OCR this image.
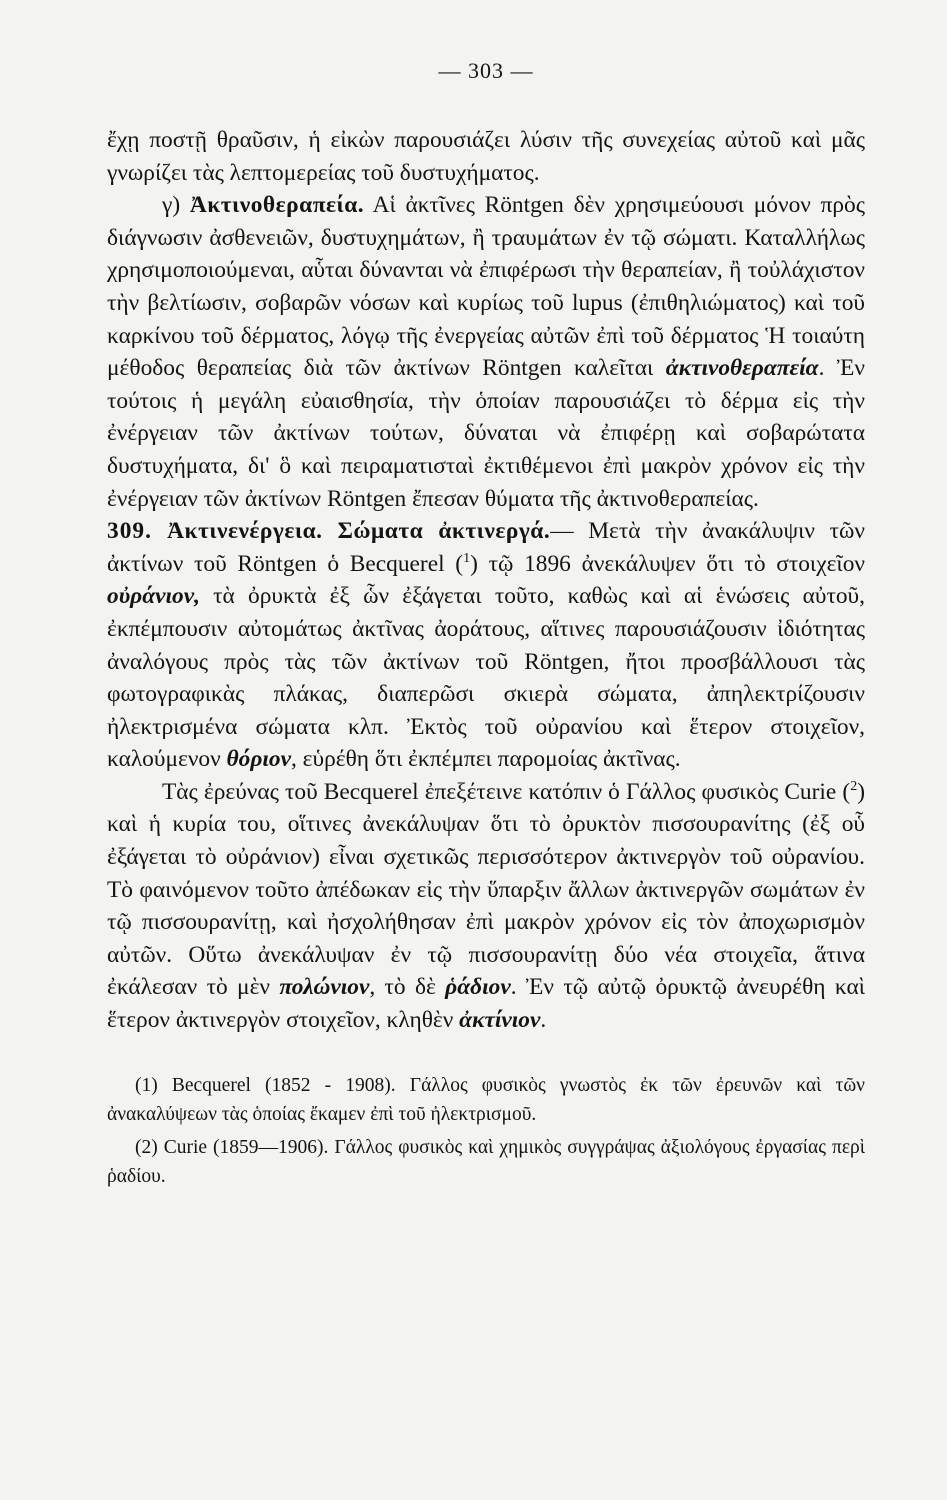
— 303 —

ἔχῃ ποστῇ θραῦσιν, ἡ εἰκὼν παρουσιάζει λύσιν τῆς συνεχείας αὐτοῦ καὶ μᾶς γνωρίζει τὰς λεπτομερείας τοῦ δυστυχήματος.

γ) Ἀκτινοθεραπεία. Αἱ ἀκτῖνες Röntgen δὲν χρησιμεύουσι μόνον πρὸς διάγνωσιν ἀσθενειῶν, δυστυχημάτων, ἢ τραυμάτων ἐν τῷ σώματι. Καταλλήλως χρησιμοποιούμεναι, αὗται δύνανται νὰ ἐπιφέρωσι τὴν θεραπείαν, ἢ τοὐλάχιστον τὴν βελτίωσιν, σοβαρῶν νόσων καὶ κυρίως τοῦ lupus (ἐπιθηλιώματος) καὶ τοῦ καρκίνου τοῦ δέρματος, λόγῳ τῆς ἐνεργείας αὐτῶν ἐπὶ τοῦ δέρματος Ἡ τοιαύτη μέθοδος θεραπείας διὰ τῶν ἀκτίνων Röntgen καλεῖται ἀκτινοθεραπεία. Ἐν τούτοις ἡ μεγάλη εὐαισθησία, τὴν ὁποίαν παρουσιάζει τὸ δέρμα εἰς τὴν ἐνέργειαν τῶν ἀκτίνων τούτων, δύναται νὰ ἐπιφέρῃ καὶ σοβαρώτατα δυστυχήματα, δι' ὃ καὶ πειραματισταὶ ἐκτιθέμενοι ἐπὶ μακρὸν χρόνον εἰς τὴν ἐνέργειαν τῶν ἀκτίνων Röntgen ἔπεσαν θύματα τῆς ἀκτινοθεραπείας.

309. Ἀκτινενέργεια. Σώματα ἀκτινεργά.— Μετὰ τὴν ἀνακάλυψιν τῶν ἀκτίνων τοῦ Röntgen ὁ Becquerel ($^1$) τῷ 1896 ἀνεκάλυψεν ὅτι τὸ στοιχεῖον οὐράνιον, τὰ ὀρυκτὰ ἐξ ὧν ἐξάγεται τοῦτο, καθὼς καὶ αἱ ἑνώσεις αὐτοῦ, ἐκπέμπουσιν αὐτομάτως ἀκτῖνας ἀοράτους, αἵτινες παρουσιάζουσιν ἰδιότητας ἀναλόγους πρὸς τὰς τῶν ἀκτίνων τοῦ Röntgen, ἤτοι προσβάλλουσι τὰς φωτογραφικὰς πλάκας, διαπερῶσι σκιερὰ σώματα, ἀπηλεκτρίζουσιν ἠλεκτρισμένα σώματα κλπ. Ἐκτὸς τοῦ οὐρανίου καὶ ἕτερον στοιχεῖον, καλούμενον θόριον, εὑρέθη ὅτι ἐκπέμπει παρομοίας ἀκτῖνας.

Τὰς ἐρεύνας τοῦ Becquerel ἐπεξέτεινε κατόπιν ὁ Γάλλος φυσικὸς Curie ($^2$) καὶ ἡ κυρία του, οἵτινες ἀνεκάλυψαν ὅτι τὸ ὀρυκτὸν πισσουρανίτης (ἐξ οὗ ἐξάγεται τὸ οὐράνιον) εἶναι σχετικῶς περισσότερον ἀκτινεργὸν τοῦ οὐρανίου. Τὸ φαινόμενον τοῦτο ἀπέδωκαν εἰς τὴν ὕπαρξιν ἄλλων ἀκτινεργῶν σωμάτων ἐν τῷ πισσουρανίτῃ, καὶ ἠσχολήθησαν ἐπὶ μακρὸν χρόνον εἰς τὸν ἀποχωρισμὸν αὐτῶν. Οὕτω ἀνεκάλυψαν ἐν τῷ πισσουρανίτῃ δύο νέα στοιχεῖα, ἅτινα ἐκάλεσαν τὸ μὲν πολώνιον, τὸ δὲ ῥάδιον. Ἐν τῷ αὐτῷ ὀρυκτῷ ἀνευρέθη καὶ ἕτερον ἀκτινεργὸν στοιχεῖον, κληθὲν ἀκτίνιον.

(1) Becquerel (1852 - 1908). Γάλλος φυσικὸς γνωστὸς ἐκ τῶν ἐρευνῶν καὶ τῶν ἀνακαλύψεων τὰς ὁποίας ἔκαμεν ἐπὶ τοῦ ἠλεκτρισμοῦ.

(2) Curie (1859—1906). Γάλλος φυσικὸς καὶ χημικὸς συγγράψας ἀξιολόγους ἐργασίας περὶ ῥαδίου.
